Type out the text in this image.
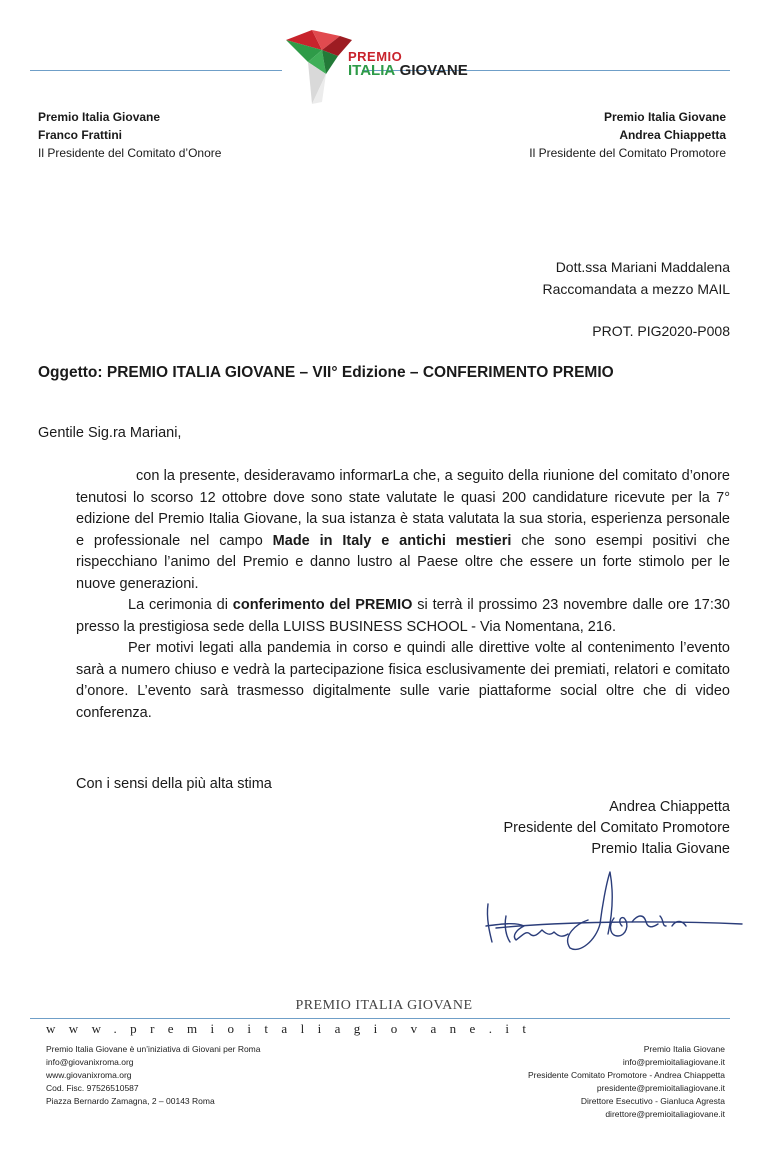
PREMIO
ITALIA GIOVANE
Premio Italia Giovane
Franco Frattini
Il Presidente del Comitato d’Onore
Premio Italia Giovane
Andrea Chiappetta
Il Presidente del Comitato Promotore
Dott.ssa Mariani Maddalena
Raccomandata a mezzo MAIL
PROT. PIG2020-P008
Oggetto: PREMIO ITALIA GIOVANE – VII° Edizione – CONFERIMENTO PREMIO
Gentile Sig.ra Mariani,

con la presente, desideravamo informarLa che, a seguito della riunione del comitato d’onore tenutosi lo scorso 12 ottobre dove sono state valutate le quasi 200 candidature ricevute per la 7° edizione del Premio Italia Giovane, la sua istanza è stata valutata la sua storia, esperienza personale e professionale nel campo Made in Italy e antichi mestieri che sono esempi positivi che rispecchiano l’animo del Premio e danno lustro al Paese oltre che essere un forte stimolo per le nuove generazioni.

La cerimonia di conferimento del PREMIO si terrà il prossimo 23 novembre dalle ore 17:30 presso la prestigiosa sede della LUISS BUSINESS SCHOOL - Via Nomentana, 216.

Per motivi legati alla pandemia in corso e quindi alle direttive volte al contenimento l’evento sarà a numero chiuso e vedrà la partecipazione fisica esclusivamente dei premiati, relatori e comitato d’onore. L’evento sarà trasmesso digitalmente sulle varie piattaforme social oltre che di video conferenza.

Con i sensi della più alta stima
Andrea Chiappetta
Presidente del Comitato Promotore
Premio Italia Giovane
PREMIO ITALIA GIOVANE
www.premioitaliagiovane.it
Premio Italia Giovane è un’iniziativa di Giovani per Roma
info@giovanixroma.org
www.giovanixroma.org
Cod. Fisc. 97526510587
Piazza Bernardo Zamagna, 2 – 00143 Roma
Premio Italia Giovane
info@premioitaliagiovane.it
Presidente Comitato Promotore - Andrea Chiappetta
presidente@premioitaliagiovane.it
Direttore Esecutivo - Gianluca Agresta
direttore@premioitaliagiovane.it
